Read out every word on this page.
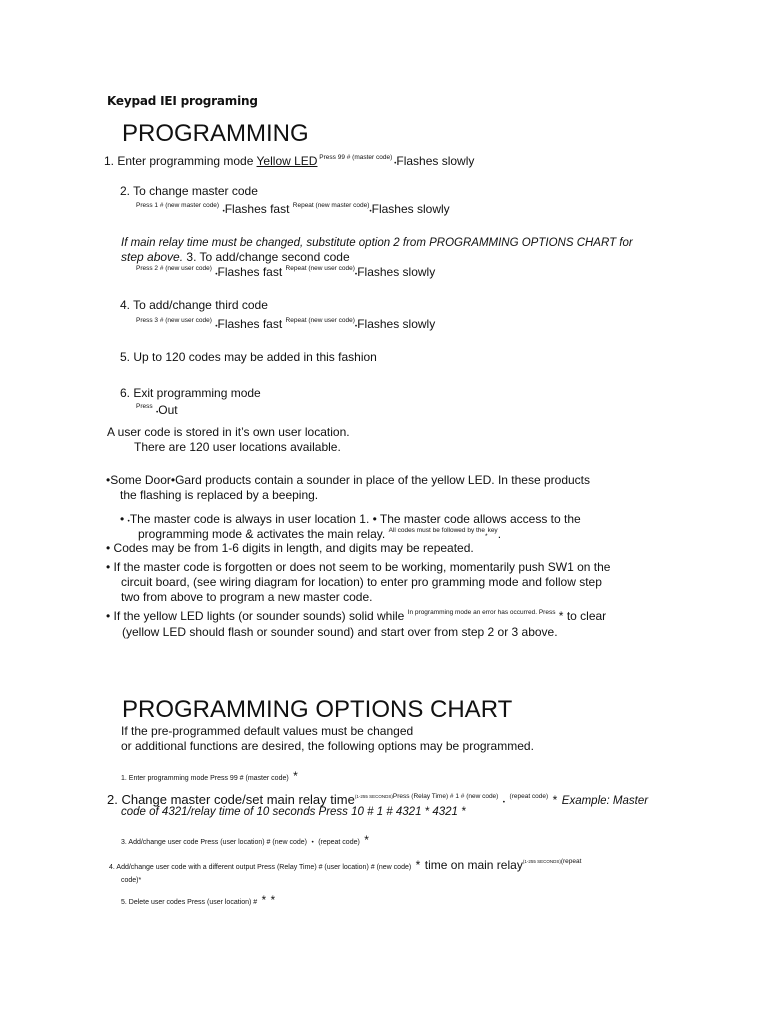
Keypad IEI programing
PROGRAMMING
1. Enter programming mode Yellow LED $^{Press 99 \# (master code)}$ •Flashes slowly
2. To change master code
$^{Press 1 \# (new master code)}$ •Flashes fast $^{Repeat (new master code)}$•Flashes slowly
If main relay time must be changed, substitute option 2 from PROGRAMMING OPTIONS CHART for
step above. 3. To add/change second code
$^{Press 2 \# (new user code)}$ •Flashes fast $^{Repeat (new user code)}$•Flashes slowly
4. To add/change third code
$^{Press 3 \# (new user code)}$ •Flashes fast $^{Repeat (new user code)}$•Flashes slowly
5. Up to 120 codes may be added in this fashion
6. Exit programming mode
$^{Press}$ •Out
A user code is stored in it’s own user location.
There are 120 user locations available.
•Some Door•Gard products contain a sounder in place of the yellow LED. In these products
the flashing is replaced by a beeping.
• •The master code is always in user location 1. • The master code allows access to the
programming mode & activates the main relay. $^{All codes must be followed by the}$*$^{key}$.
• Codes may be from 1-6 digits in length, and digits may be repeated.
• If the master code is forgotten or does not seem to be working, momentarily push SW1 on the
circuit board, (see wiring diagram for location) to enter pro gramming mode and follow step
two from above to program a new master code.
• If the yellow LED lights (or sounder sounds) solid while $^{In programming mode an error has occurred. Press}$ * to clear
(yellow LED should flash or sounder sound) and start over from step 2 or 3 above.
PROGRAMMING OPTIONS CHART
If the pre-programmed default values must be changed
or additional functions are desired, the following options may be programmed.
1. Enter programming mode Press 99 # (master code) *
2. Change master code/set main relay time$^{(1-255 SECONDS)Press (Relay Time) \# 1 \# (new code)}$ • $^{(repeat code)}$ * Example: Master
code of 4321/relay time of 10 seconds Press 10 # 1 # 4321 * 4321 *
3. Add/change user code Press (user location) # (new code) • (repeat code) *
4. Add/change user code with a different output Press (Relay Time) # (user location) # (new code) * time on main relay$^{(1-255 SECONDS)(repeat}$
code)*
5. Delete user codes Press (user location) # * *
